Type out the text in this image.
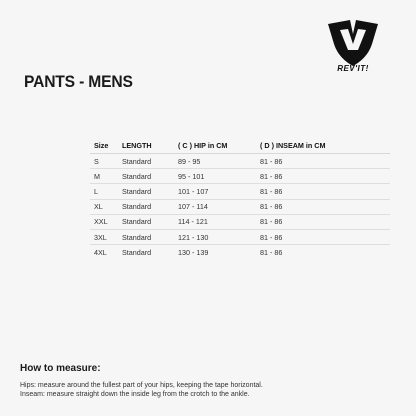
REV'IT!
PANTS - MENS
Size	LENGTH	( C ) HIP in CM	( D ) INSEAM in CM
S	Standard	89 - 95	81 - 86
M	Standard	95 - 101	81 - 86
L	Standard	101 - 107	81 - 86
XL	Standard	107 - 114	81 - 86
XXL	Standard	114 - 121	81 - 86
3XL	Standard	121 - 130	81 - 86
4XL	Standard	130 - 139	81 - 86
How to measure:

Hips: measure around the fullest part of your hips, keeping the tape horizontal.

Inseam: measure straight down the inside leg from the crotch to the ankle.
